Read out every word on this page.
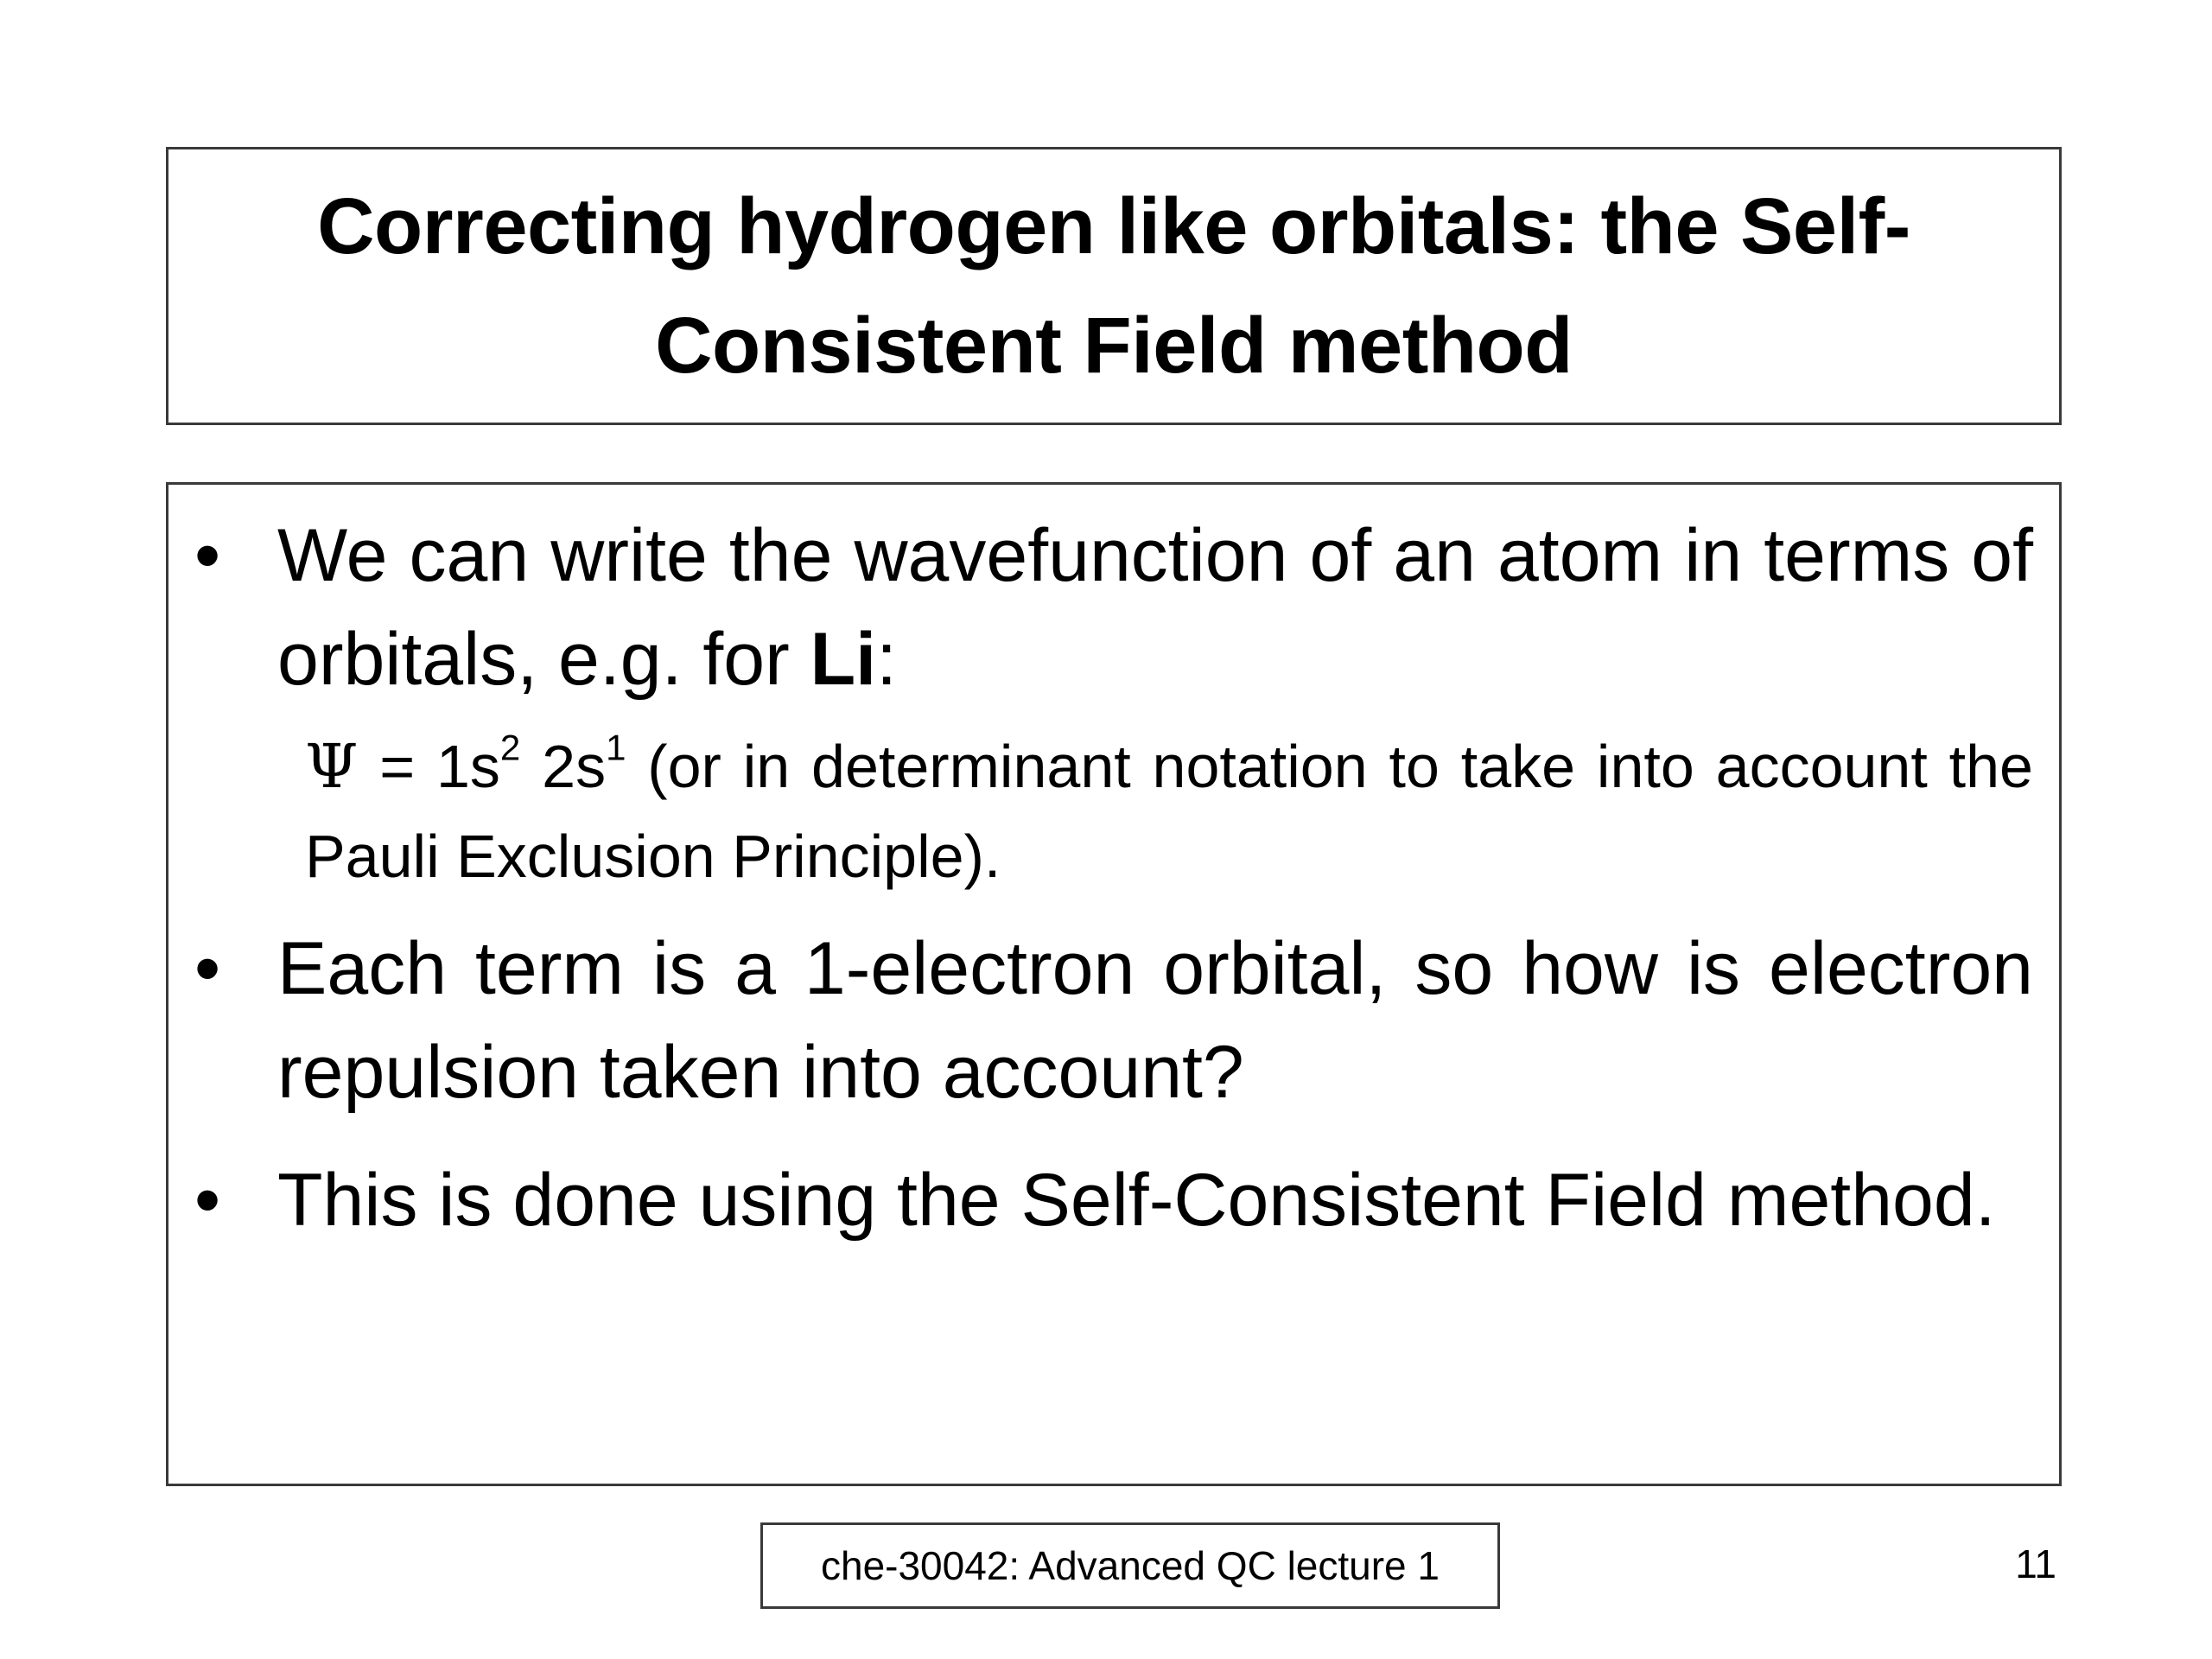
Correcting hydrogen like orbitals: the Self-Consistent Field method

• We can write the wavefunction of an atom in terms of orbitals, e.g. for Li:

$\Psi = 1s^2$ $2s^1$ (or in determinant notation to take into account the Pauli Exclusion Principle).

• Each term is a 1-electron orbital, so how is electron repulsion taken into account?

• This is done using the Self-Consistent Field method.

che-30042: Advanced QC lecture 1	11
